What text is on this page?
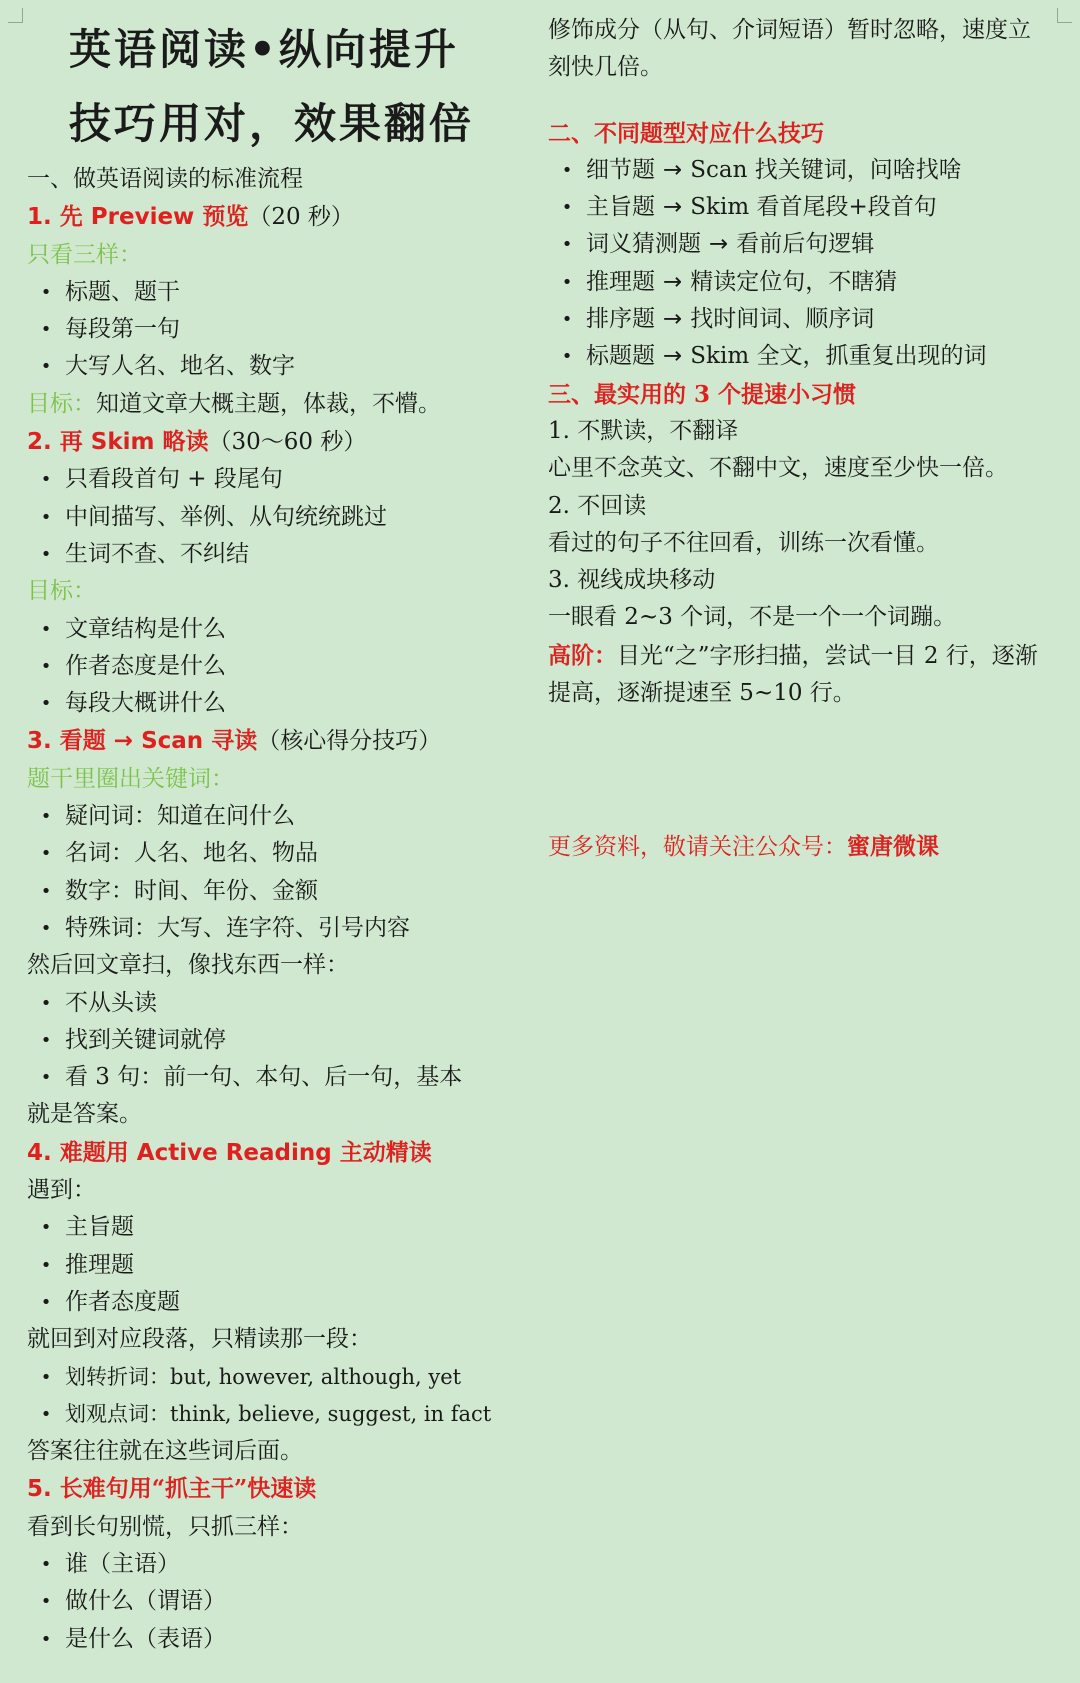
英语阅读•纵向提升
技巧用对，效果翻倍
一、做英语阅读的标准流程
1. 先 Preview 预览（20 秒）
只看三样：
• 标题、题干
• 每段第一句
• 大写人名、地名、数字
目标：知道文章大概主题，体裁，不懵。
2. 再 Skim 略读（30～60 秒）
• 只看段首句 + 段尾句
• 中间描写、举例、从句统统跳过
• 生词不查、不纠结
目标：
• 文章结构是什么
• 作者态度是什么
• 每段大概讲什么
3. 看题 → Scan 寻读（核心得分技巧）
题干里圈出关键词：
• 疑问词：知道在问什么
• 名词：人名、地名、物品
• 数字：时间、年份、金额
• 特殊词：大写、连字符、引号内容
然后回文章扫，像找东西一样：
• 不从头读
• 找到关键词就停
• 看 3 句：前一句、本句、后一句，基本
就是答案。
4. 难题用 Active Reading 主动精读
遇到：
• 主旨题
• 推理题
• 作者态度题
就回到对应段落，只精读那一段：
• 划转折词：but, however, although, yet
• 划观点词：think, believe, suggest, in fact
答案往往就在这些词后面。
5. 长难句用“抓主干”快速读
看到长句别慌，只抓三样：
• 谁（主语）
• 做什么（谓语）
• 是什么（表语）
修饰成分（从句、介词短语）暂时忽略，速度立刻快几倍。
二、不同题型对应什么技巧
• 细节题 → Scan 找关键词，问啥找啥
• 主旨题 → Skim 看首尾段+段首句
• 词义猜测题 → 看前后句逻辑
• 推理题 → 精读定位句，不瞎猜
• 排序题 → 找时间词、顺序词
• 标题题 → Skim 全文，抓重复出现的词
三、最实用的 3 个提速小习惯
1. 不默读，不翻译
心里不念英文、不翻中文，速度至少快一倍。
2. 不回读
看过的句子不往回看，训练一次看懂。
3. 视线成块移动
一眼看 2~3 个词，不是一个一个词蹦。
高阶：目光“之”字形扫描，尝试一目 2 行，逐渐提高，逐渐提速至 5~10 行。
更多资料，敬请关注公众号：蜜唐微课
